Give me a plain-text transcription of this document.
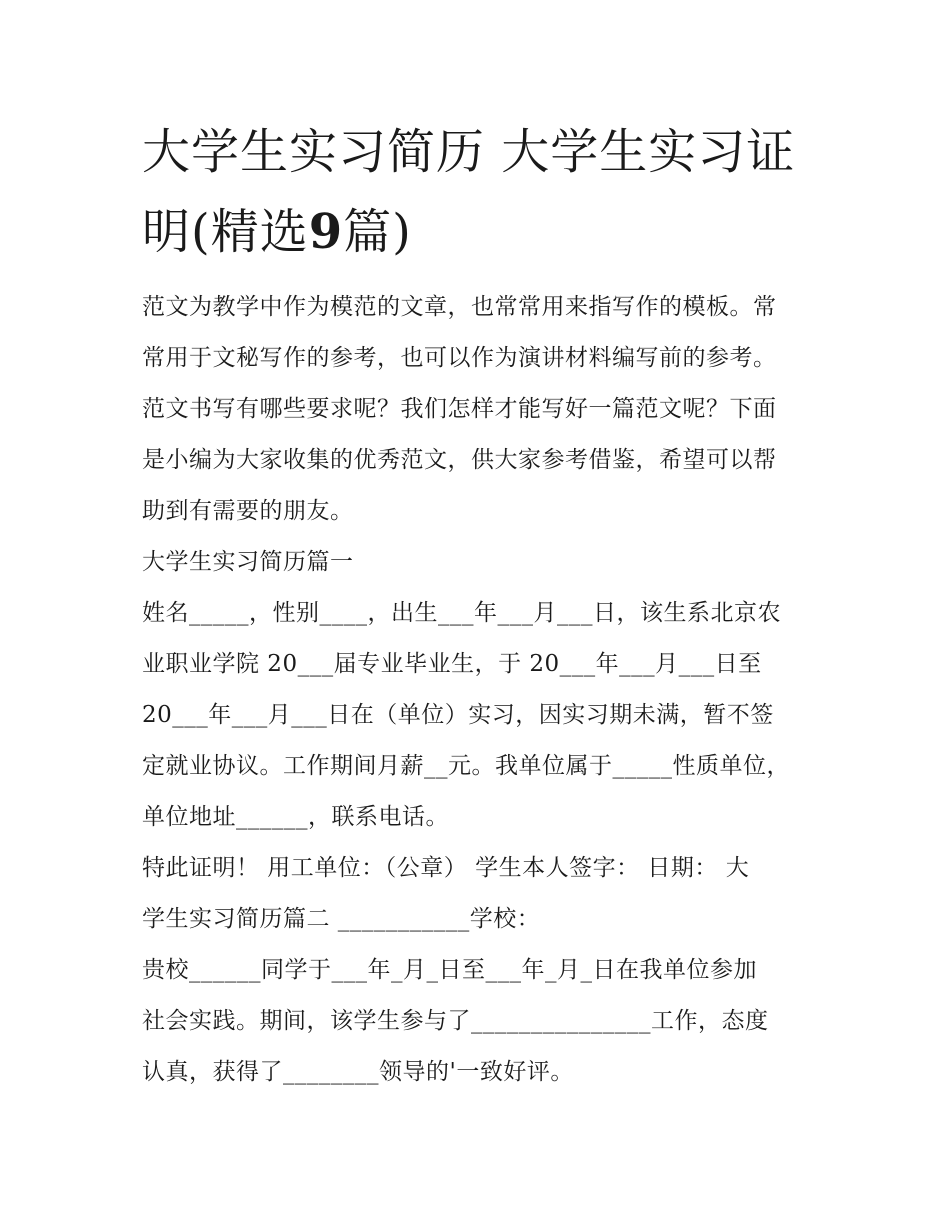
大学生实习简历 大学生实习证
明(精选9篇)

范文为教学中作为模范的文章，也常常用来指写作的模板。常
常用于文秘写作的参考，也可以作为演讲材料编写前的参考。
范文书写有哪些要求呢？我们怎样才能写好一篇范文呢？下面
是小编为大家收集的优秀范文，供大家参考借鉴，希望可以帮
助到有需要的朋友。

大学生实习简历篇一

姓名_____，性别____，出生___年___月___日，该生系北京农
业职业学院 20___届专业毕业生，于 20___年___月___日至
20___年___月___日在（单位）实习，因实习期未满，暂不签
定就业协议。工作期间月薪__元。我单位属于_____性质单位，
单位地址______，联系电话。

特此证明！ 用工单位：（公章） 学生本人签字： 日期： 大
学生实习简历篇二 ___________学校：

贵校______同学于___年_月_日至___年_月_日在我单位参加
社会实践。期间，该学生参与了_______________工作，态度
认真，获得了________领导的'一致好评。
